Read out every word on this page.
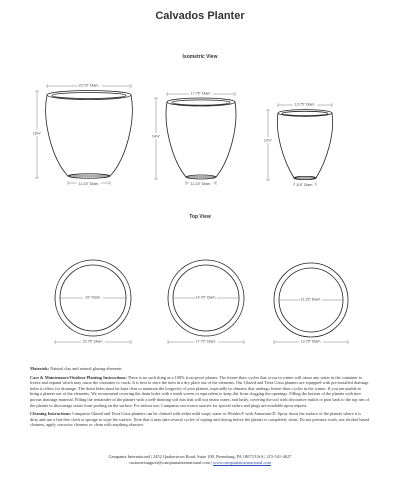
Calvados Planter
Isometric View
Top View
22.75" Diam.
16⅝"
11.15" Diam.
17.75" Diam.
14⅝"
11.15" Diam.
13.75" Diam.
12⅛"
8.5" Diam.
19" Diam.	14.75" Diam.	11.25" Diam.
22.75" Diam.	17.75" Diam.	13.75" Diam.

Materials: Natural clay and natural glazing elements

Care & Maintenance/Outdoor Planting Instructions: There is no such thing as a 100% frost-proof planter. The freeze-thaw cycles that occur in winter will cause any water in the container to freeze and expand which may cause the container to crack. It is best to store the item in a dry place out of the elements. Our Glazed and Terra Cotta planters are equipped with pre-installed drainage holes to allow for drainage. The drain holes must be kept clear to maintain the longevity of your planter, especially in climates that undergo freeze-thaw cycles in the winter. If you are unable to bring a planter out of the elements. We recommend covering the drain holes with a mesh screen or equivalent to keep dirt from clogging the openings. Filling the bottom of the planter with non-porous drainage material. Filling the remainder of the planter with a well-draining soil mix that will not retain water; and lastly, covering the soil with decorative mulch or pine bark to the top rim of the planter to discourage water from pooling on the surface. For indoor use, Campania can source saucers for special orders and plugs are available upon request.

Cleaning Instructions: Campania Glazed and Terra Cotta planters can be cleaned with either mild soapy water or Windex® with Ammonia-D. Spray down the surface of the planter where it is dirty and use a lint-free cloth or sponge to wipe the surface. Note that it may take several cycles of wiping and drying before the planter is completely clean. Do not pressure wash, use alcohol based cleaners, apply corrosive cleaners or clean with anything abrasive.

Campania International | 2452 Quakertown Road, Suite 100, Pennsburg, PA 18073 USA | 215-541-4627
customersupport@campaniainternational.com | www.campaniainternational.com
